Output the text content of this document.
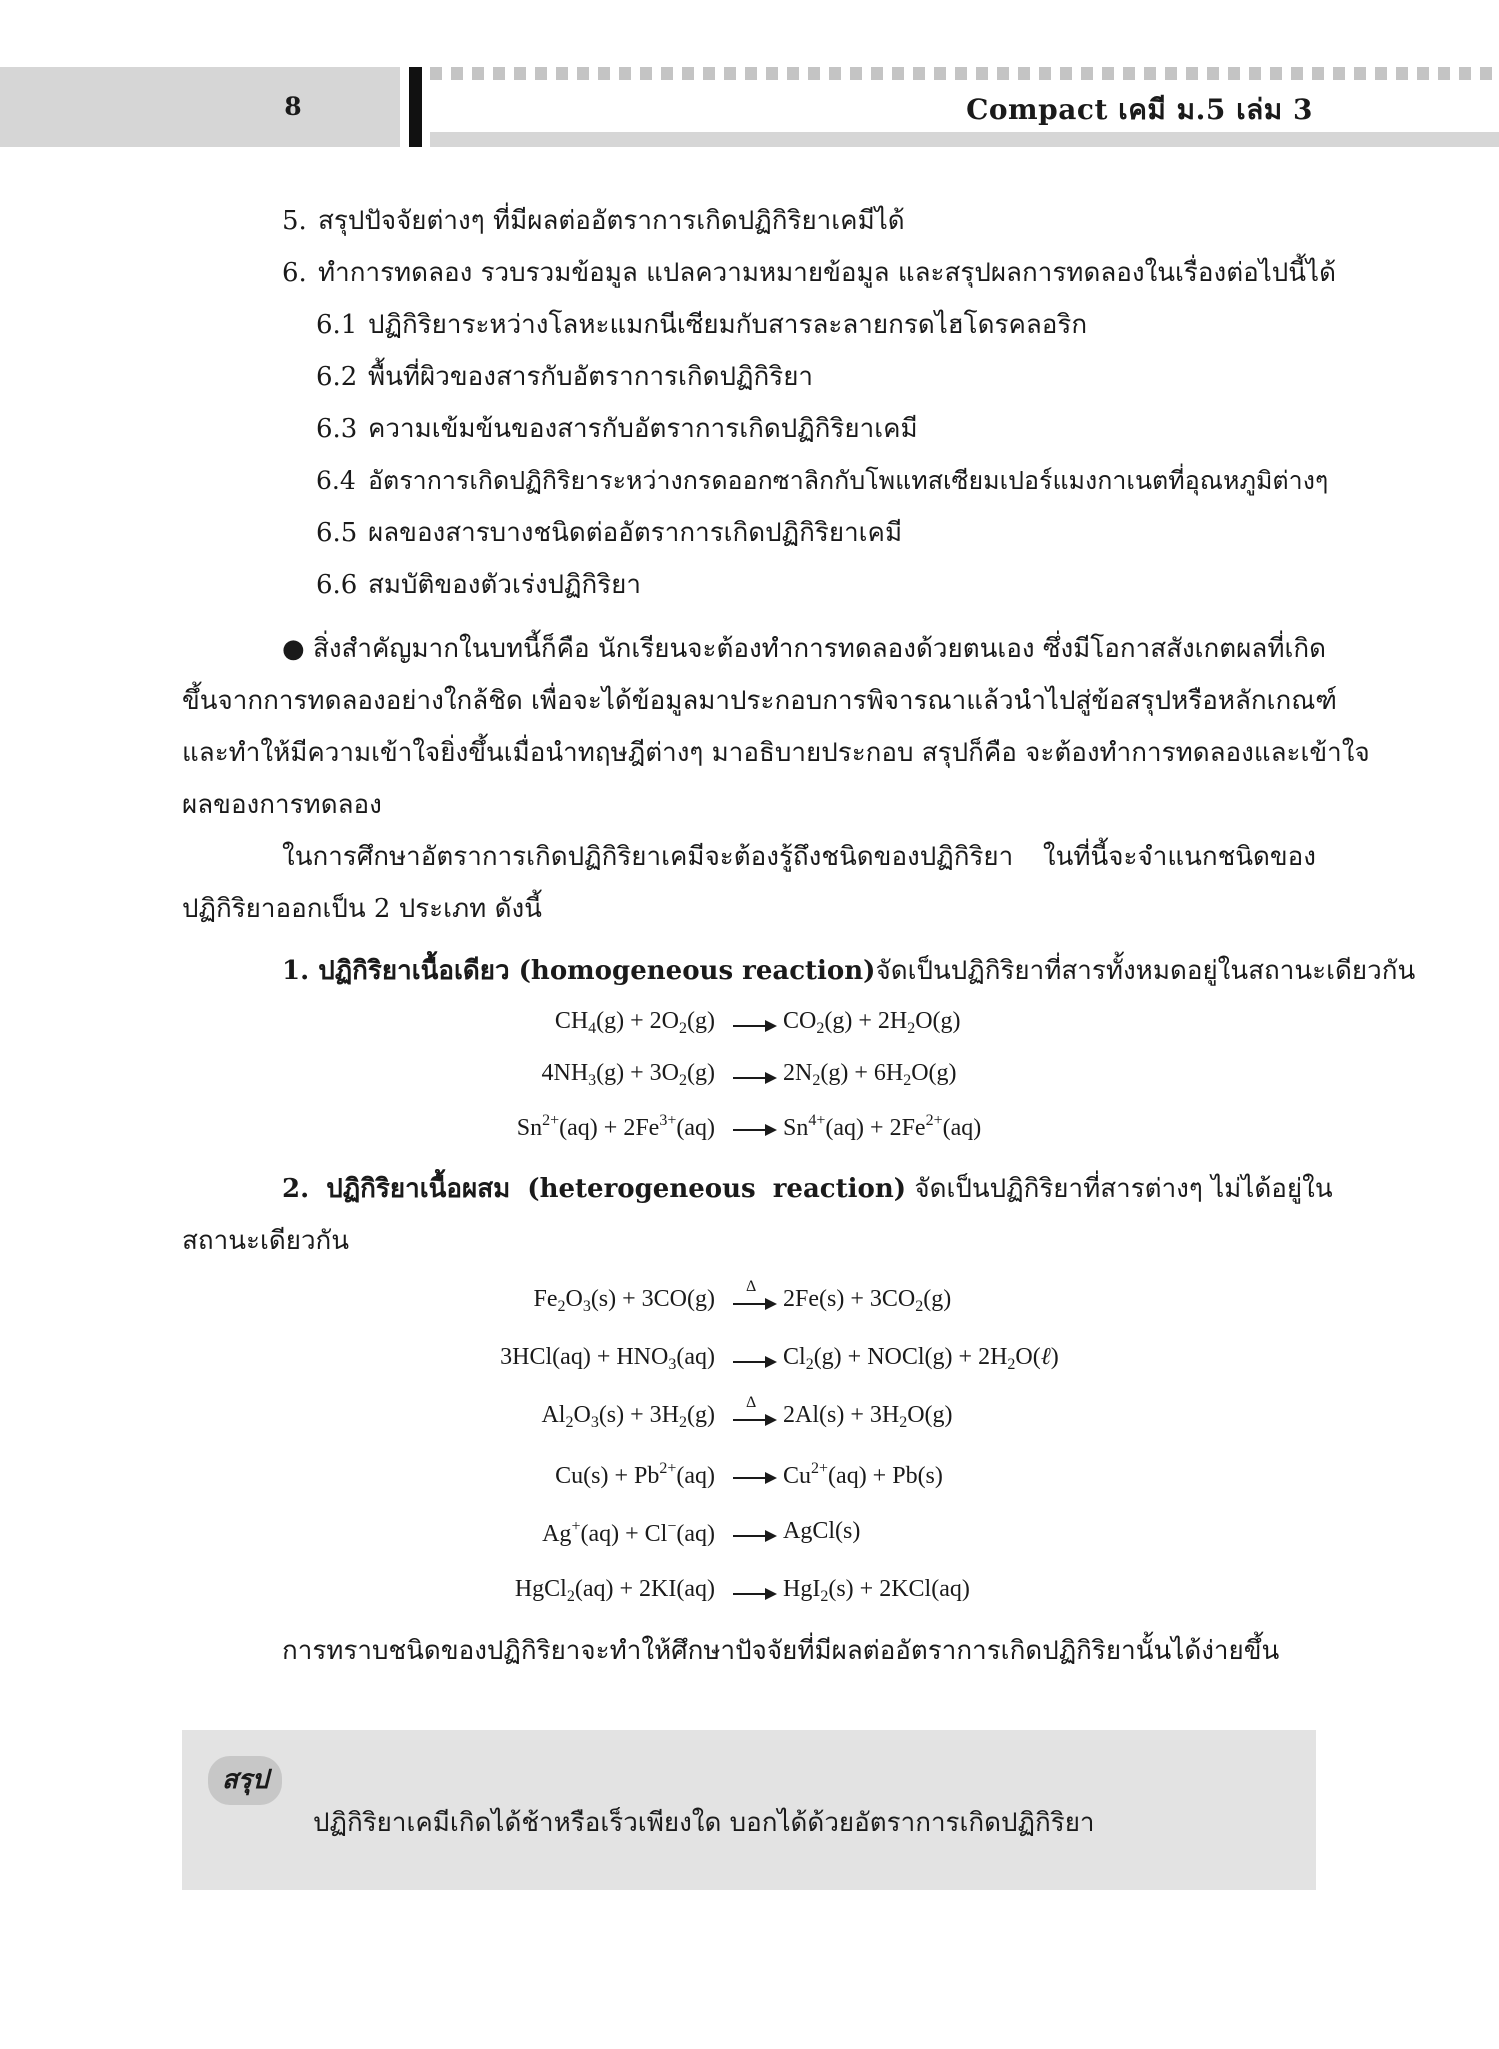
8	Compact เคมี ม.5 เล่ม 3
5. สรุปปัจจัยต่างๆ ที่มีผลต่ออัตราการเกิดปฏิกิริยาเคมีได้
6. ทำการทดลอง รวบรวมข้อมูล แปลความหมายข้อมูล และสรุปผลการทดลองในเรื่องต่อไปนี้ได้
6.1 ปฏิกิริยาระหว่างโลหะแมกนีเซียมกับสารละลายกรดไฮโดรคลอริก
6.2 พื้นที่ผิวของสารกับอัตราการเกิดปฏิกิริยา
6.3 ความเข้มข้นของสารกับอัตราการเกิดปฏิกิริยาเคมี
6.4 อัตราการเกิดปฏิกิริยาระหว่างกรดออกซาลิกกับโพแทสเซียมเปอร์แมงกาเนตที่อุณหภูมิต่างๆ
6.5 ผลของสารบางชนิดต่ออัตราการเกิดปฏิกิริยาเคมี
6.6 สมบัติของตัวเร่งปฏิกิริยา
● สิ่งสำคัญมากในบทนี้ก็คือ นักเรียนจะต้องทำการทดลองด้วยตนเอง ซึ่งมีโอกาสสังเกตผลที่เกิด
ขึ้นจากการทดลองอย่างใกล้ชิด เพื่อจะได้ข้อมูลมาประกอบการพิจารณาแล้วนำไปสู่ข้อสรุปหรือหลักเกณฑ์
และทำให้มีความเข้าใจยิ่งขึ้นเมื่อนำทฤษฎีต่างๆ มาอธิบายประกอบ สรุปก็คือ จะต้องทำการทดลองและเข้าใจ
ผลของการทดลอง
ในการศึกษาอัตราการเกิดปฏิกิริยาเคมีจะต้องรู้ถึงชนิดของปฏิกิริยา ในที่นี้จะจำแนกชนิดของ
ปฏิกิริยาออกเป็น 2 ประเภท ดังนี้
1. ปฏิกิริยาเนื้อเดียว (homogeneous reaction)จัดเป็นปฏิกิริยาที่สารทั้งหมดอยู่ในสถานะเดียวกัน
$CH_4(g) + 2O_2(g)$	$CO_2(g) + 2H_2O(g)$
$4NH_3(g) + 3O_2(g)$	$2N_2(g) + 6H_2O(g)$
$Sn^{2+}(aq) + 2Fe^{3+}(aq)$	$Sn^{4+}(aq) + 2Fe^{2+}(aq)$
2. ปฏิกิริยาเนื้อผสม (heterogeneous reaction) จัดเป็นปฏิกิริยาที่สารต่างๆ ไม่ได้อยู่ใน
สถานะเดียวกัน
$Fe_2O_3(s) + 3CO(g)$ Δ $2Fe(s) + 3CO_2(g)$
$3HCl(aq) + HNO_3(aq)$	$Cl_2(g)$ + NOCl(g) + $2H_2O(\ell)$
$Al_2O_3(s) + 3H_2(g)$ Δ $2Al(s) + 3H_2O(g)$
$Cu(s) + Pb^{2+}(aq)$	$Cu^{2+}(aq) + Pb(s)$
Ag+(aq) + Cl−(aq)	AgCl(s)
HgCl$_2$(aq) + 2KI(aq)	HgI$_2$(s) + 2KCl(aq)
การทราบชนิดของปฏิกิริยาจะทำให้ศึกษาปัจจัยที่มีผลต่ออัตราการเกิดปฏิกิริยานั้นได้ง่ายขึ้น
สรุป
ปฏิกิริยาเคมีเกิดได้ช้าหรือเร็วเพียงใด บอกได้ด้วยอัตราการเกิดปฏิกิริยา
